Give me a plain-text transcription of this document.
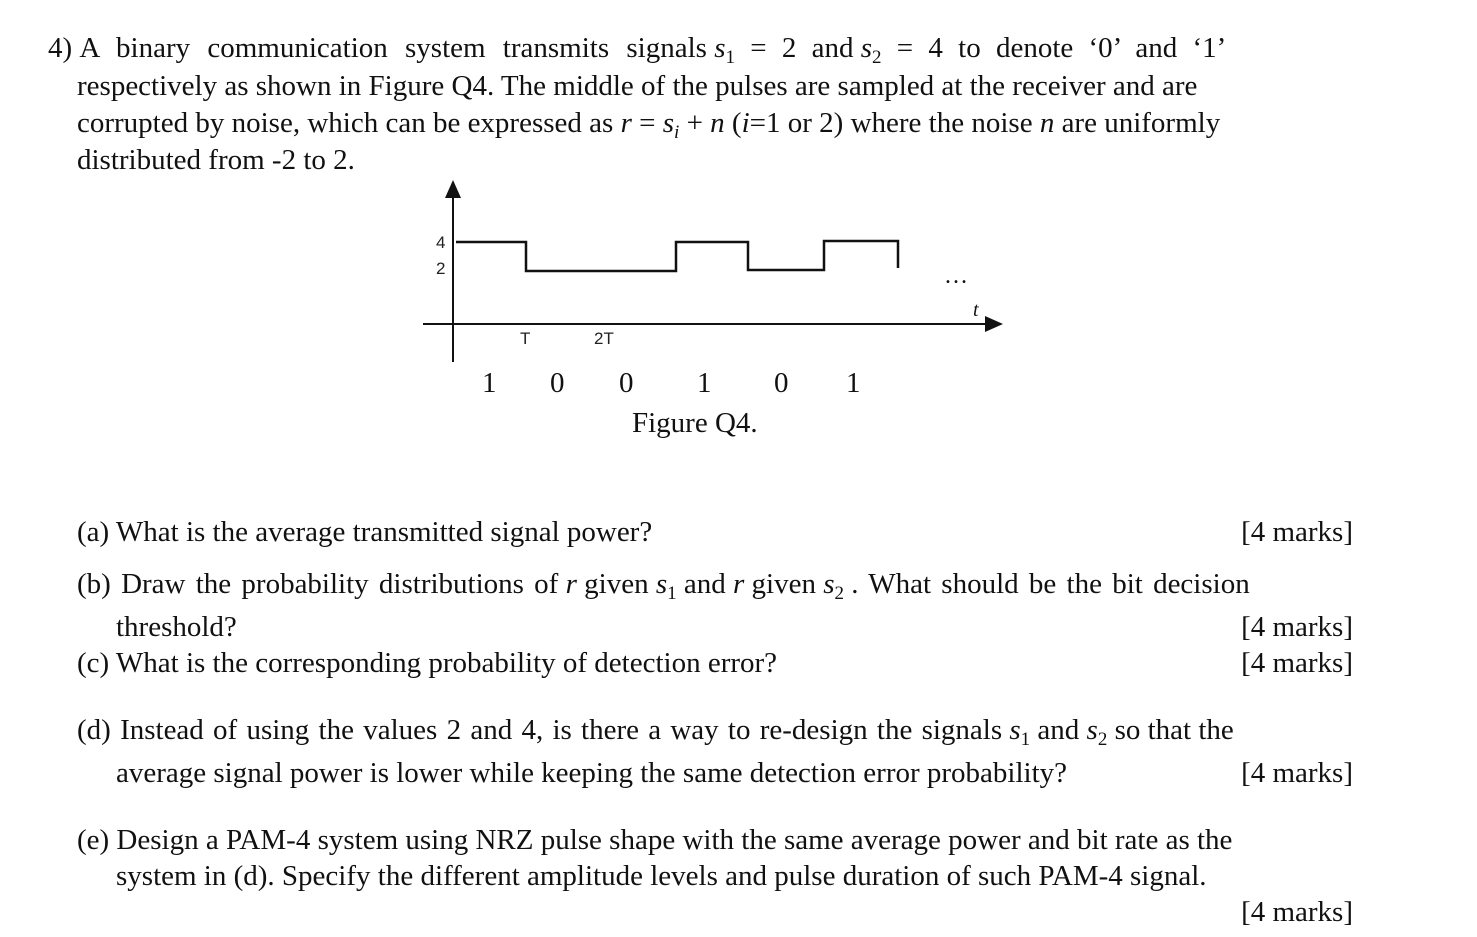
4) A binary communication system transmits signals $s_1 = 2$ and $s_2 = 4$ to denote ‘0’ and ‘1’
respectively as shown in Figure Q4. The middle of the pulses are sampled at the receiver and are
corrupted by noise, which can be expressed as $r = s_i + n$ (i=1 or 2) where the noise n are uniformly
distributed from -2 to 2.
4
2
T	2T
t
…
1 0 0 1 0 1
Figure Q4.
(a) What is the average transmitted signal power?	[4 marks]
(b) Draw the probability distributions of r given $s_1$ and r given $s_2$ . What should be the bit decision
threshold?	[4 marks]
(c) What is the corresponding probability of detection error?	[4 marks]
(d) Instead of using the values 2 and 4, is there a way to re-design the signals $s_1$ and $s_2$ so that the
average signal power is lower while keeping the same detection error probability?	[4 marks]
(e) Design a PAM-4 system using NRZ pulse shape with the same average power and bit rate as the
system in (d). Specify the different amplitude levels and pulse duration of such PAM-4 signal.
[4 marks]
